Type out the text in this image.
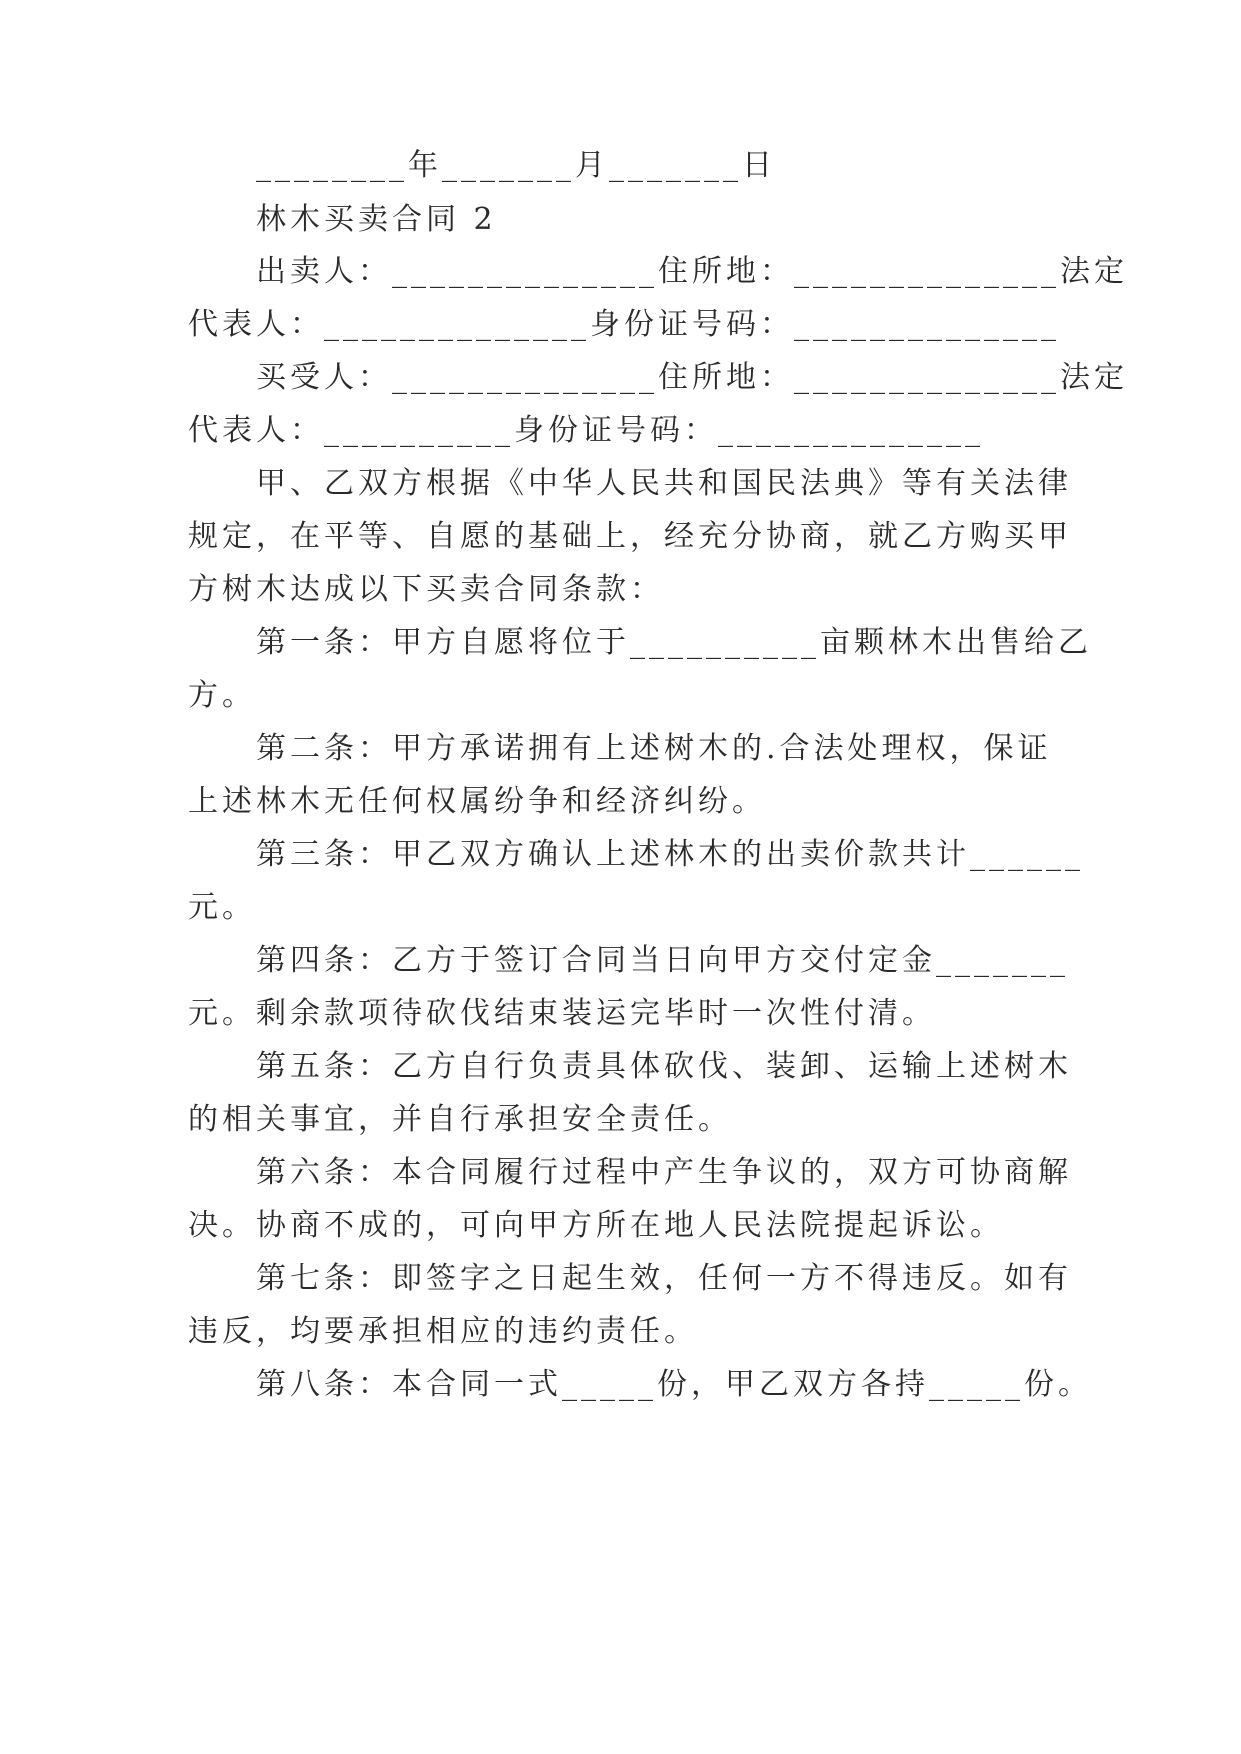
________年_______月_______日
林木买卖合同 2
出卖人：______________住所地：______________法定
代表人：______________身份证号码：______________
买受人：______________住所地：______________法定
代表人：__________身份证号码：______________
甲、乙双方根据《中华人民共和国民法典》等有关法律
规定，在平等、自愿的基础上，经充分协商，就乙方购买甲
方树木达成以下买卖合同条款：
第一条：甲方自愿将位于__________亩颗林木出售给乙
方。
第二条：甲方承诺拥有上述树木的.合法处理权，保证
上述林木无任何权属纷争和经济纠纷。
第三条：甲乙双方确认上述林木的出卖价款共计______
元。
第四条：乙方于签订合同当日向甲方交付定金_______
元。剩余款项待砍伐结束装运完毕时一次性付清。
第五条：乙方自行负责具体砍伐、装卸、运输上述树木
的相关事宜，并自行承担安全责任。
第六条：本合同履行过程中产生争议的，双方可协商解
决。协商不成的，可向甲方所在地人民法院提起诉讼。
第七条：即签字之日起生效，任何一方不得违反。如有
违反，均要承担相应的违约责任。
第八条：本合同一式_____份，甲乙双方各持_____份。
